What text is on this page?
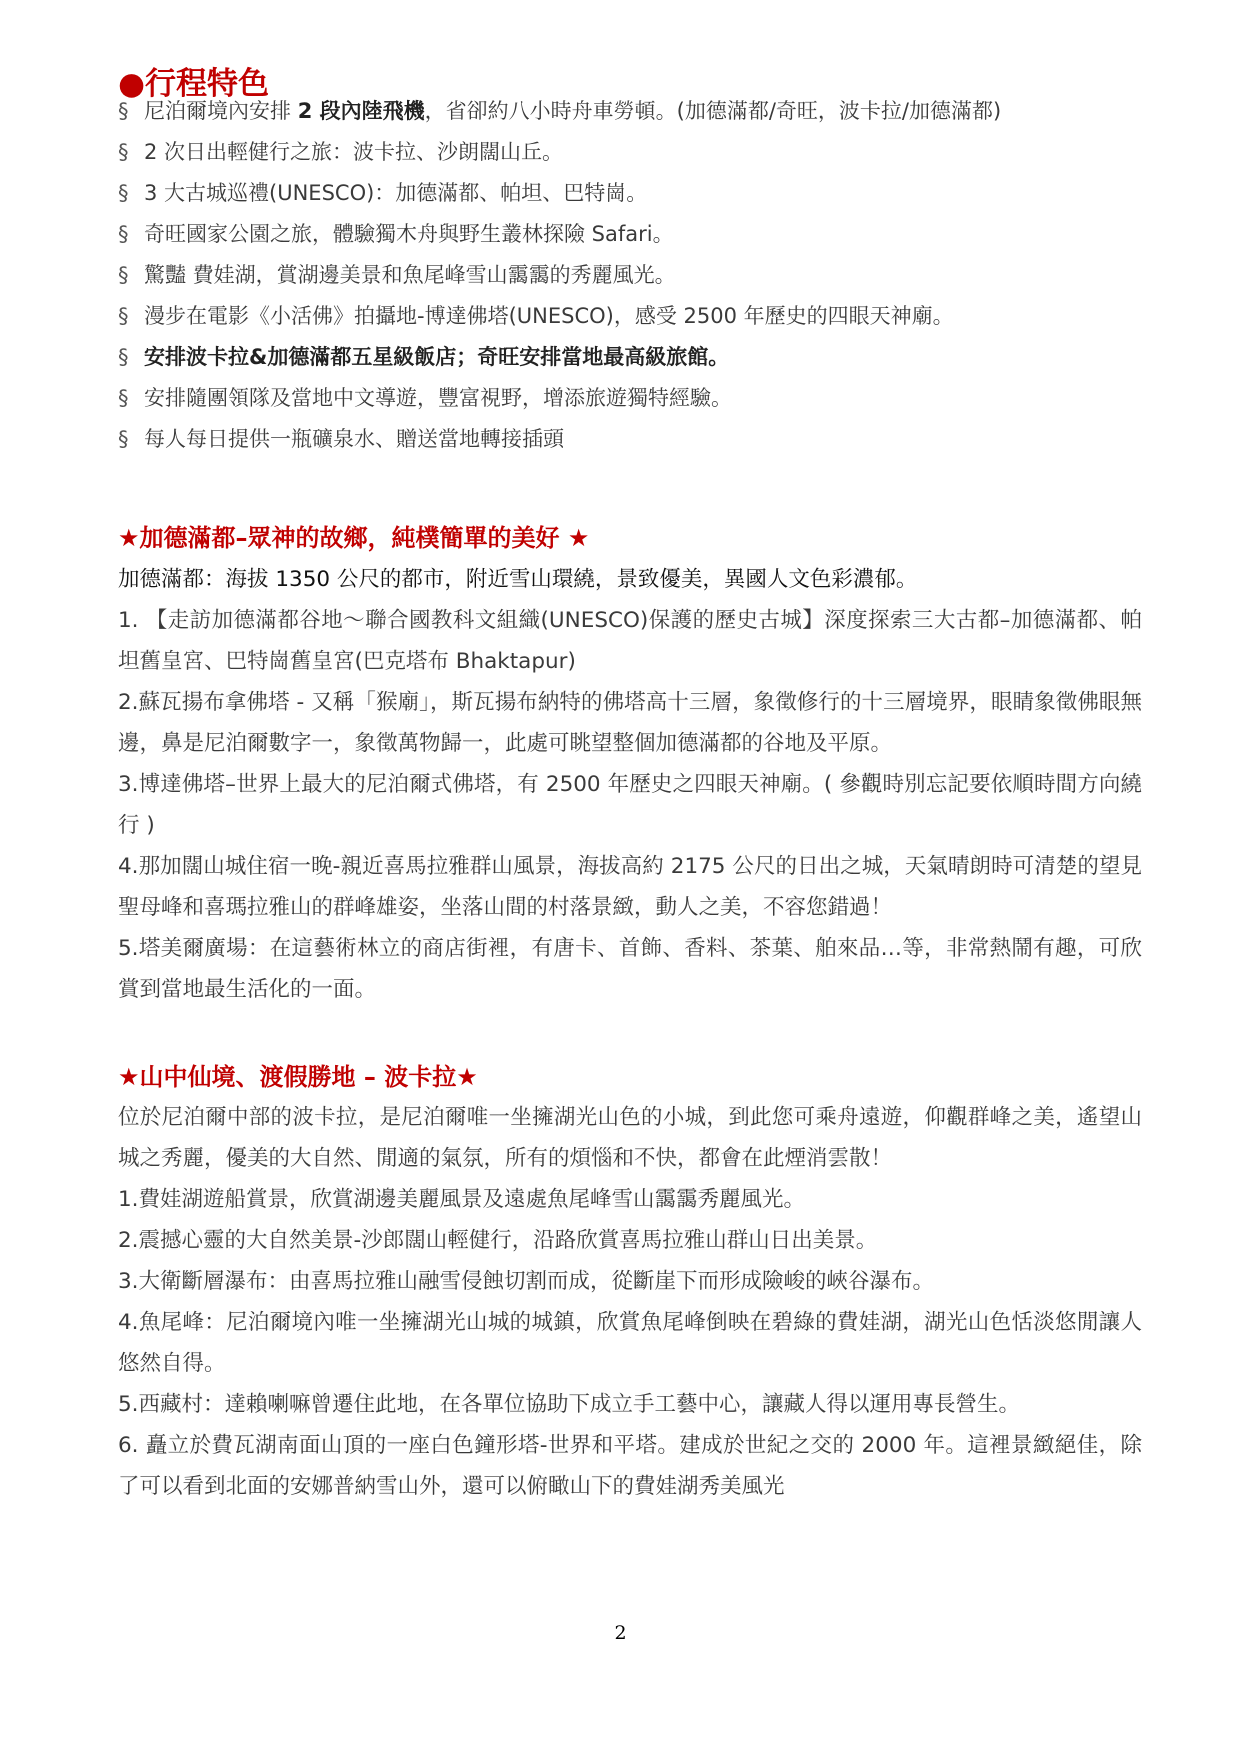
●行程特色
§ 尼泊爾境內安排 2 段內陸飛機，省卻約八小時舟車勞頓。(加德滿都/奇旺，波卡拉/加德滿都)
§ 2 次日出輕健行之旅：波卡拉、沙朗闊山丘。
§ 3 大古城巡禮(UNESCO)：加德滿都、帕坦、巴特崗。
§ 奇旺國家公園之旅，體驗獨木舟與野生叢林探險 Safari。
§ 驚豔 費娃湖，賞湖邊美景和魚尾峰雪山靄靄的秀麗風光。
§ 漫步在電影《小活佛》拍攝地-博達佛塔(UNESCO)，感受 2500 年歷史的四眼天神廟。
§ 安排波卡拉&加德滿都五星級飯店；奇旺安排當地最高級旅館。
§ 安排隨團領隊及當地中文導遊，豐富視野，增添旅遊獨特經驗。
§ 每人每日提供一瓶礦泉水、贈送當地轉接插頭
★加德滿都–眾神的故鄉，純樸簡單的美好 ★

加德滿都：海拔 1350 公尺的都市，附近雪山環繞，景致優美，異國人文色彩濃郁。

1. 【走訪加德滿都谷地～聯合國教科文組織(UNESCO)保護的歷史古城】深度探索三大古都–加德滿都、帕坦舊皇宮、巴特崗舊皇宮(巴克塔布 Bhaktapur)

2.蘇瓦揚布拿佛塔 - 又稱「猴廟」，斯瓦揚布納特的佛塔高十三層，象徵修行的十三層境界，眼睛象徵佛眼無邊，鼻是尼泊爾數字一，象徵萬物歸一，此處可眺望整個加德滿都的谷地及平原。

3.博達佛塔–世界上最大的尼泊爾式佛塔，有 2500 年歷史之四眼天神廟。( 參觀時別忘記要依順時間方向繞行 )

4.那加闊山城住宿一晚-親近喜馬拉雅群山風景，海拔高約 2175 公尺的日出之城，天氣晴朗時可清楚的望見聖母峰和喜瑪拉雅山的群峰雄姿，坐落山間的村落景緻，動人之美，不容您錯過！

5.塔美爾廣場：在這藝術林立的商店街裡，有唐卡、首飾、香料、茶葉、舶來品…等，非常熱鬧有趣，可欣賞到當地最生活化的一面。

★山中仙境、渡假勝地 – 波卡拉★

位於尼泊爾中部的波卡拉，是尼泊爾唯一坐擁湖光山色的小城，到此您可乘舟遠遊，仰觀群峰之美，遙望山城之秀麗，優美的大自然、閒適的氣氛，所有的煩惱和不快，都會在此煙消雲散！

1.費娃湖遊船賞景，欣賞湖邊美麗風景及遠處魚尾峰雪山靄靄秀麗風光。

2.震撼心靈的大自然美景-沙郎闊山輕健行，沿路欣賞喜馬拉雅山群山日出美景。

3.大衛斷層瀑布：由喜馬拉雅山融雪侵蝕切割而成，從斷崖下而形成險峻的峽谷瀑布。

4.魚尾峰：尼泊爾境內唯一坐擁湖光山城的城鎮，欣賞魚尾峰倒映在碧綠的費娃湖，湖光山色恬淡悠閒讓人悠然自得。

5.西藏村：達賴喇嘛曾遷住此地，在各單位協助下成立手工藝中心，讓藏人得以運用專長營生。

6. 矗立於費瓦湖南面山頂的一座白色鐘形塔-世界和平塔。建成於世紀之交的 2000 年。這裡景緻絕佳，除了可以看到北面的安娜普納雪山外，還可以俯瞰山下的費娃湖秀美風光

2
